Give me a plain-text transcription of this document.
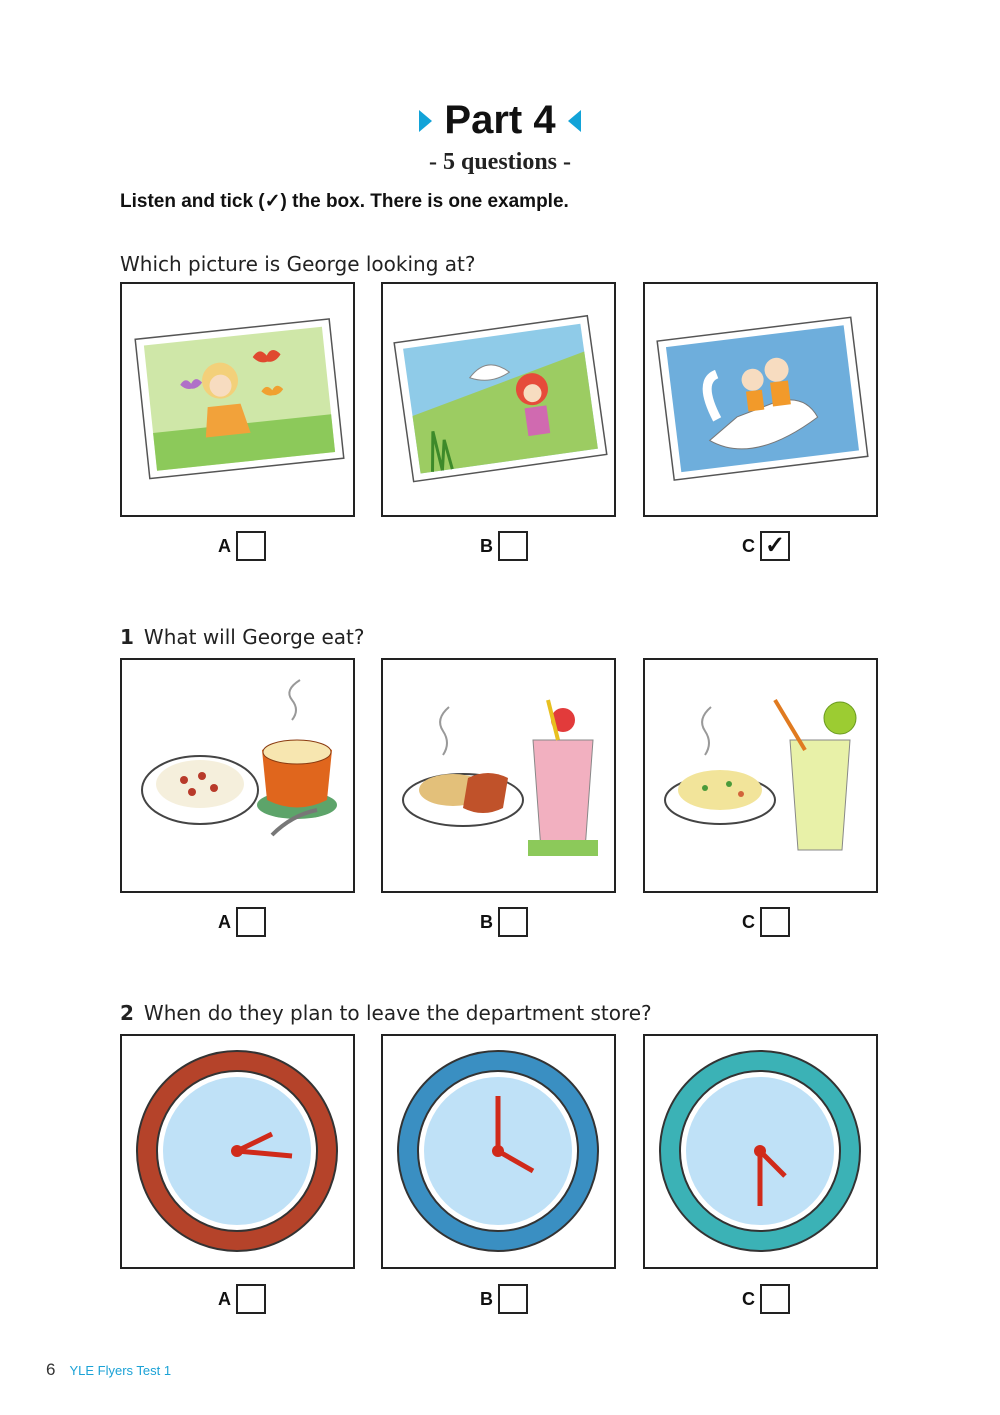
Part 4
- 5 questions -
Listen and tick (✓) the box. There is one example.
Which picture is George looking at?
A	B	C ✓
1 What will George eat?
A	B	C
2 When do they plan to leave the department store?
A	B	C
6 YLE Flyers Test 1
